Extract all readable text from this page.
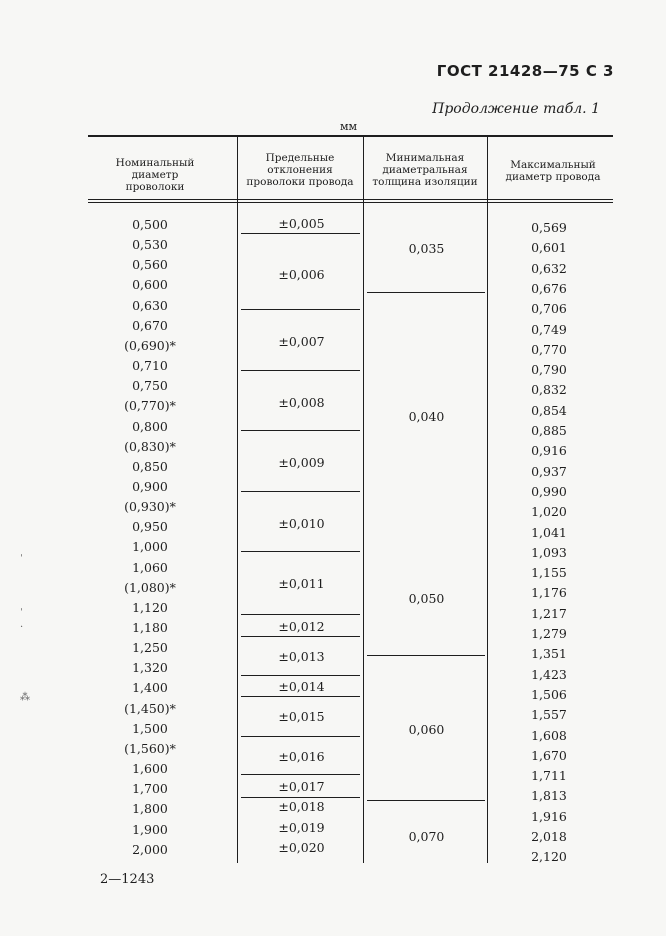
ГОСТ 21428—75 С 3
Продолжение табл. 1
мм
Номинальный диаметр проволоки
Предельные отклонения проволоки провода
Минимальная диаметральная толщина изоляции
Максимальный диаметр провода
0,500
0,530
0,560
0,600
0,630
0,670
(0,690)*
0,710
0,750
(0,770)*
0,800
(0,830)*
0,850
0,900
(0,930)*
0,950
1,000
1,060
(1,080)*
1,120
1,180
1,250
1,320
1,400
(1,450)*
1,500
(1,560)*
1,600
1,700
1,800
1,900
2,000
0,569
0,601
0,632
0,676
0,706
0,749
0,770
0,790
0,832
0,854
0,885
0,916
0,937
0,990
1,020
1,041
1,093
1,155
1,176
1,217
1,279
1,351
1,423
1,506
1,557
1,608
1,670
1,711
1,813
1,916
2,018
2,120
±0,005
±0,006
±0,007
±0,008
±0,009
±0,010
±0,011
±0,012
±0,013
±0,014
±0,015
±0,016
±0,017
±0,018
±0,019
±0,020
0,035
0,040
0,050
0,060
0,070
2—1243
ˌ
ˌ
·
⁂
